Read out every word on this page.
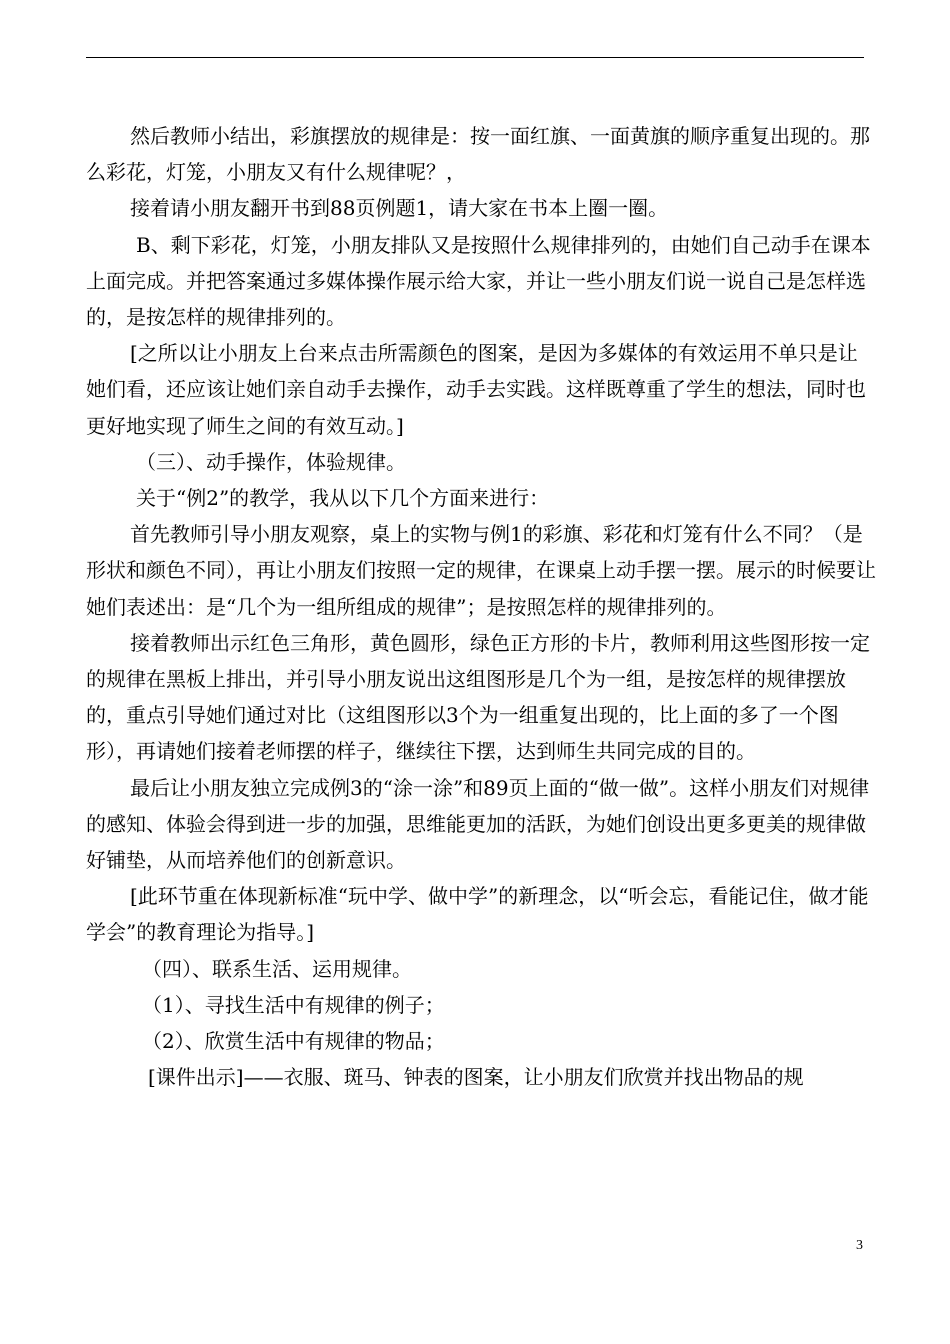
然后教师小结出，彩旗摆放的规律是：按一面红旗、一面黄旗的顺序重复出现的。那么彩花，灯笼，小朋友又有什么规律呢？，

接着请小朋友翻开书到88页例题1，请大家在书本上圈一圈。

B、剩下彩花，灯笼，小朋友排队又是按照什么规律排列的，由她们自己动手在课本上面完成。并把答案通过多媒体操作展示给大家，并让一些小朋友们说一说自己是怎样选的，是按怎样的规律排列的。

[之所以让小朋友上台来点击所需颜色的图案，是因为多媒体的有效运用不单只是让她们看，还应该让她们亲自动手去操作，动手去实践。这样既尊重了学生的想法，同时也更好地实现了师生之间的有效互动。]

（三）、动手操作，体验规律。

关于“例2”的教学，我从以下几个方面来进行：

首先教师引导小朋友观察，桌上的实物与例1的彩旗、彩花和灯笼有什么不同？（是形状和颜色不同），再让小朋友们按照一定的规律，在课桌上动手摆一摆。展示的时候要让她们表述出：是“几个为一组所组成的规律”；是按照怎样的规律排列的。

接着教师出示红色三角形，黄色圆形，绿色正方形的卡片，教师利用这些图形按一定的规律在黑板上排出，并引导小朋友说出这组图形是几个为一组，是按怎样的规律摆放的，重点引导她们通过对比（这组图形以3个为一组重复出现的，比上面的多了一个图形），再请她们接着老师摆的样子，继续往下摆，达到师生共同完成的目的。

最后让小朋友独立完成例3的“涂一涂”和89页上面的“做一做”。这样小朋友们对规律的感知、体验会得到进一步的加强，思维能更加的活跃，为她们创设出更多更美的规律做好铺垫，从而培养他们的创新意识。

[此环节重在体现新标准“玩中学、做中学”的新理念，以“听会忘，看能记住，做才能学会”的教育理论为指导。]

（四）、联系生活、运用规律。

（1）、寻找生活中有规律的例子；

（2）、欣赏生活中有规律的物品；

[课件出示]——衣服、斑马、钟表的图案，让小朋友们欣赏并找出物品的规

3
